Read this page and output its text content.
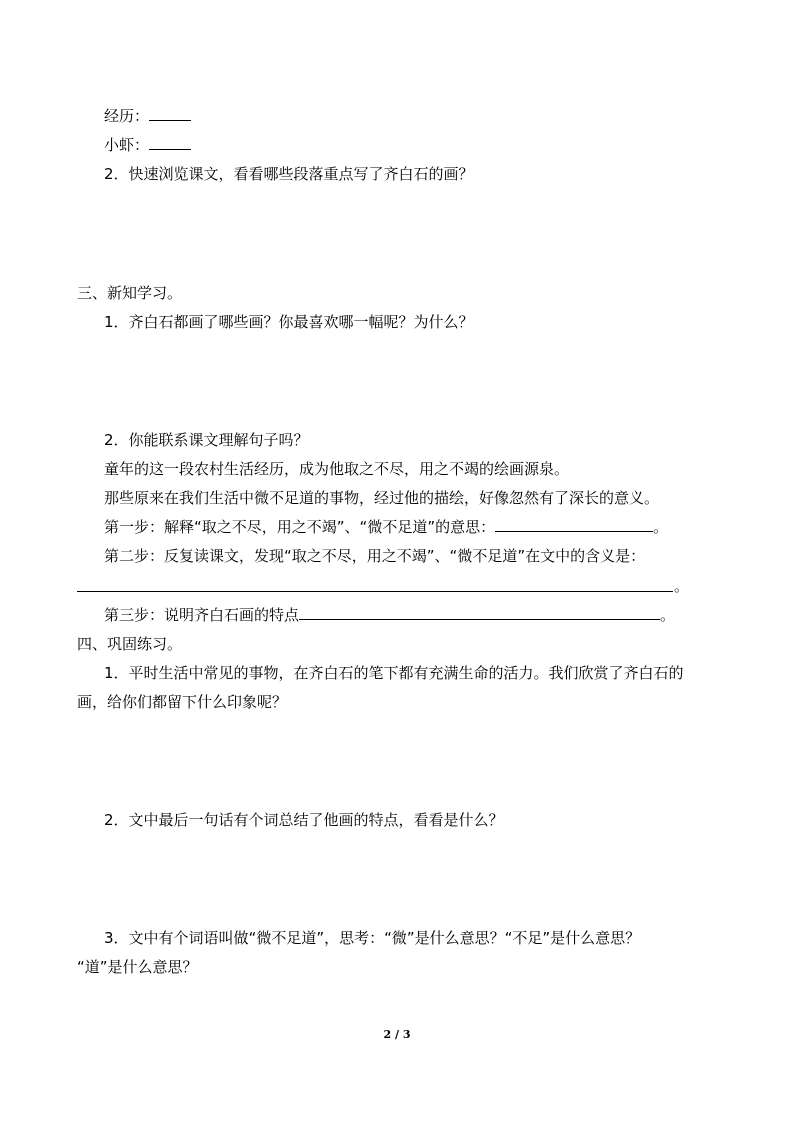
经历：
小虾：
2．快速浏览课文，看看哪些段落重点写了齐白石的画？
三、新知学习。
1．齐白石都画了哪些画？你最喜欢哪一幅呢？为什么？
2．你能联系课文理解句子吗？
童年的这一段农村生活经历，成为他取之不尽，用之不竭的绘画源泉。
那些原来在我们生活中微不足道的事物，经过他的描绘，好像忽然有了深长的意义。
第一步：解释“取之不尽，用之不竭”、“微不足道”的意思：	。
第二步：反复读课文，发现“取之不尽，用之不竭”、“微不足道”在文中的含义是：
。
第三步：说明齐白石画的特点	。
四、巩固练习。
1．平时生活中常见的事物，在齐白石的笔下都有充满生命的活力。我们欣赏了齐白石的
画，给你们都留下什么印象呢？
2．文中最后一句话有个词总结了他画的特点，看看是什么？
3．文中有个词语叫做“微不足道”，思考：“微”是什么意思？“不足”是什么意思？
“道”是什么意思？
2 / 3
